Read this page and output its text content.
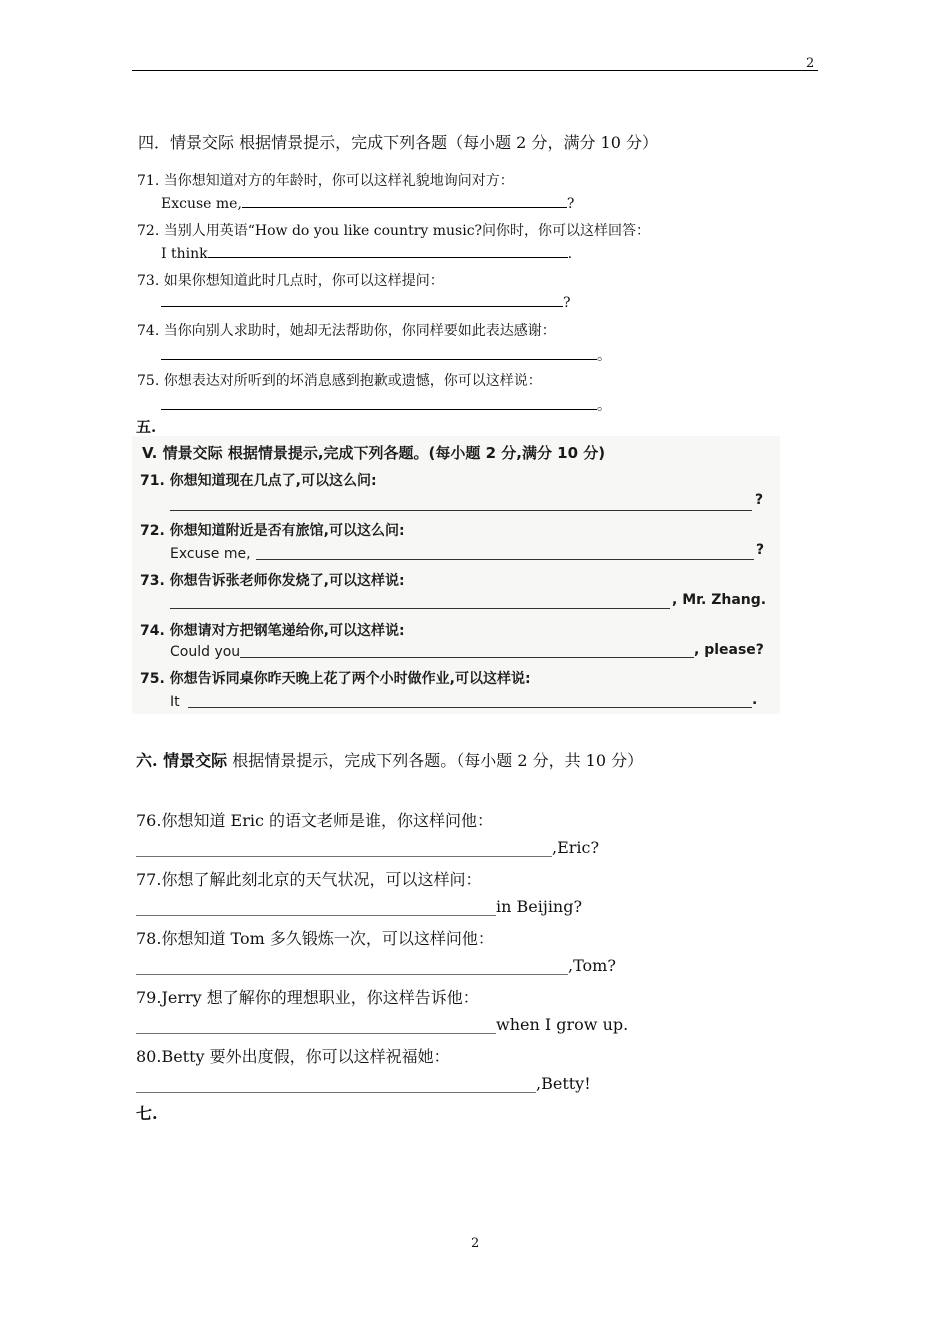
2
四．情景交际 根据情景提示，完成下列各题（每小题 2 分，满分 10 分）
71. 当你想知道对方的年龄时，你可以这样礼貌地询问对方：
Excuse me,	?
72. 当别人用英语“How do you like country music?问你时，你可以这样回答：
I think	.
73. 如果你想知道此时几点时，你可以这样提问：
?
74. 当你向别人求助时，她却无法帮助你，你同样要如此表达感谢：
。
75. 你想表达对所听到的坏消息感到抱歉或遗憾，你可以这样说：
。
五.
V. 情景交际 根据情景提示,完成下列各题。(每小题 2 分,满分 10 分)
71. 你想知道现在几点了,可以这么问:
?
72. 你想知道附近是否有旅馆,可以这么问:
Excuse me,	?
73. 你想告诉张老师你发烧了,可以这样说:
, Mr. Zhang.
74. 你想请对方把钢笔递给你,可以这样说:
Could you	, please?
75. 你想告诉同桌你昨天晚上花了两个小时做作业,可以这样说:
It	.
六. 情景交际 根据情景提示，完成下列各题。（每小题 2 分，共 10 分）
76.你想知道 Eric 的语文老师是谁，你这样问他：
____________________________________________________,Eric?
77.你想了解此刻北京的天气状况，可以这样问：
_____________________________________________in Beijing?
78.你想知道 Tom 多久锻炼一次，可以这样问他：
______________________________________________________,Tom?
79.Jerry 想了解你的理想职业，你这样告诉他：
_____________________________________________when I grow up.
80.Betty 要外出度假，你可以这样祝福她：
__________________________________________________,Betty!
七.
2
